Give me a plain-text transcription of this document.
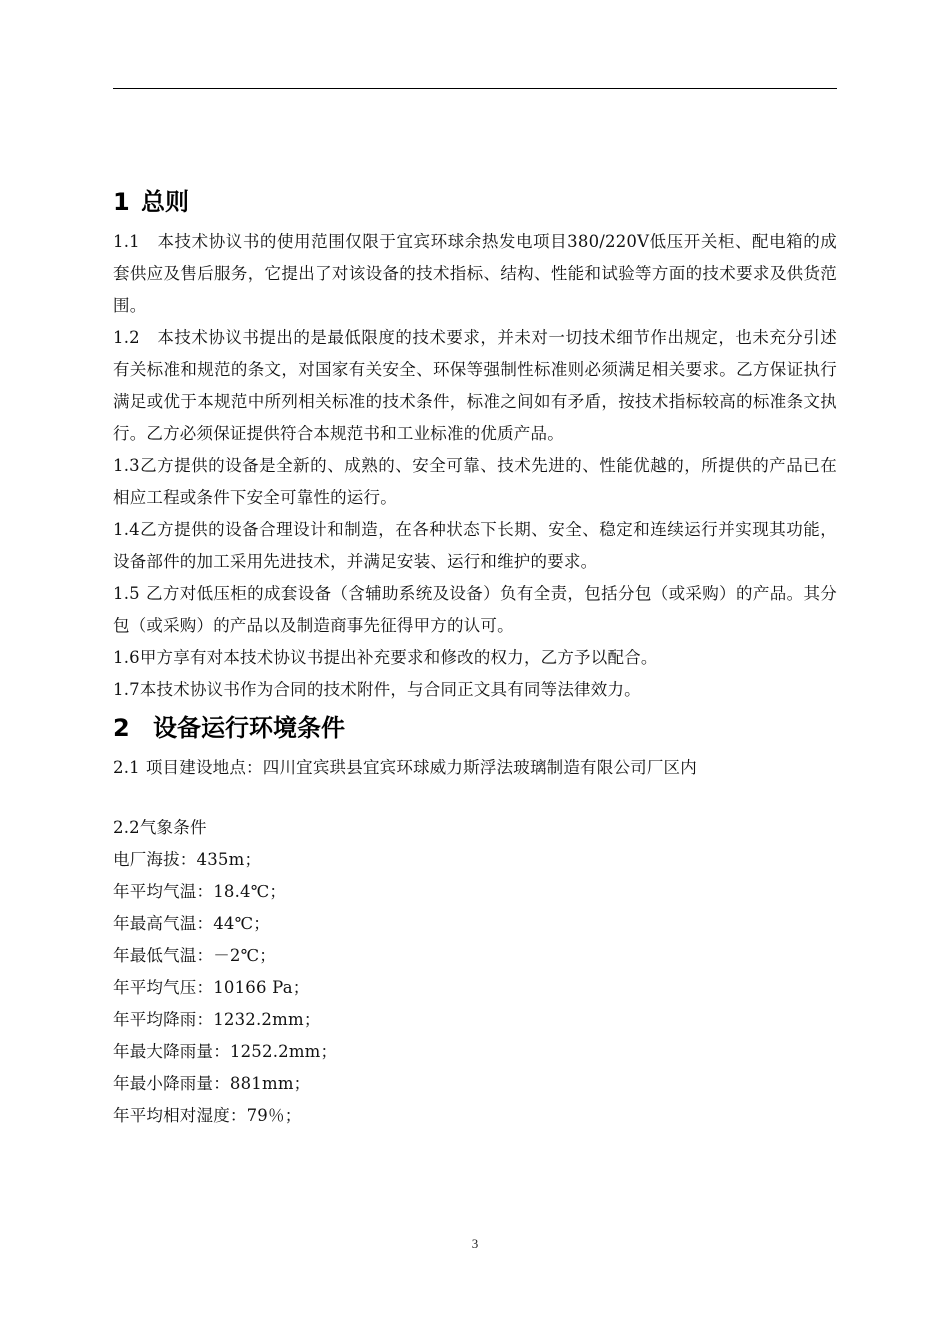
1 总则

1.1 本技术协议书的使用范围仅限于宜宾环球余热发电项目380/220V低压开关柜、配电箱的成套供应及售后服务，它提出了对该设备的技术指标、结构、性能和试验等方面的技术要求及供货范围。

1.2 本技术协议书提出的是最低限度的技术要求，并未对一切技术细节作出规定，也未充分引述有关标准和规范的条文，对国家有关安全、环保等强制性标准则必须满足相关要求。乙方保证执行满足或优于本规范中所列相关标准的技术条件，标准之间如有矛盾，按技术指标较高的标准条文执行。乙方必须保证提供符合本规范书和工业标准的优质产品。

1.3乙方提供的设备是全新的、成熟的、安全可靠、技术先进的、性能优越的，所提供的产品已在相应工程或条件下安全可靠性的运行。

1.4乙方提供的设备合理设计和制造，在各种状态下长期、安全、稳定和连续运行并实现其功能，设备部件的加工采用先进技术，并满足安装、运行和维护的要求。

1.5 乙方对低压柜的成套设备（含辅助系统及设备）负有全责，包括分包（或采购）的产品。其分包（或采购）的产品以及制造商事先征得甲方的认可。

1.6甲方享有对本技术协议书提出补充要求和修改的权力，乙方予以配合。

1.7本技术协议书作为合同的技术附件，与合同正文具有同等法律效力。

2 设备运行环境条件

2.1 项目建设地点：四川宜宾珙县宜宾环球威力斯浮法玻璃制造有限公司厂区内

2.2气象条件

电厂海拔：435m；

年平均气温：18.4℃；

年最高气温：44℃；

年最低气温：－2℃；

年平均气压：10166 Pa；

年平均降雨：1232.2mm；

年最大降雨量：1252.2mm；

年最小降雨量：881mm；

年平均相对湿度：79％；

3
